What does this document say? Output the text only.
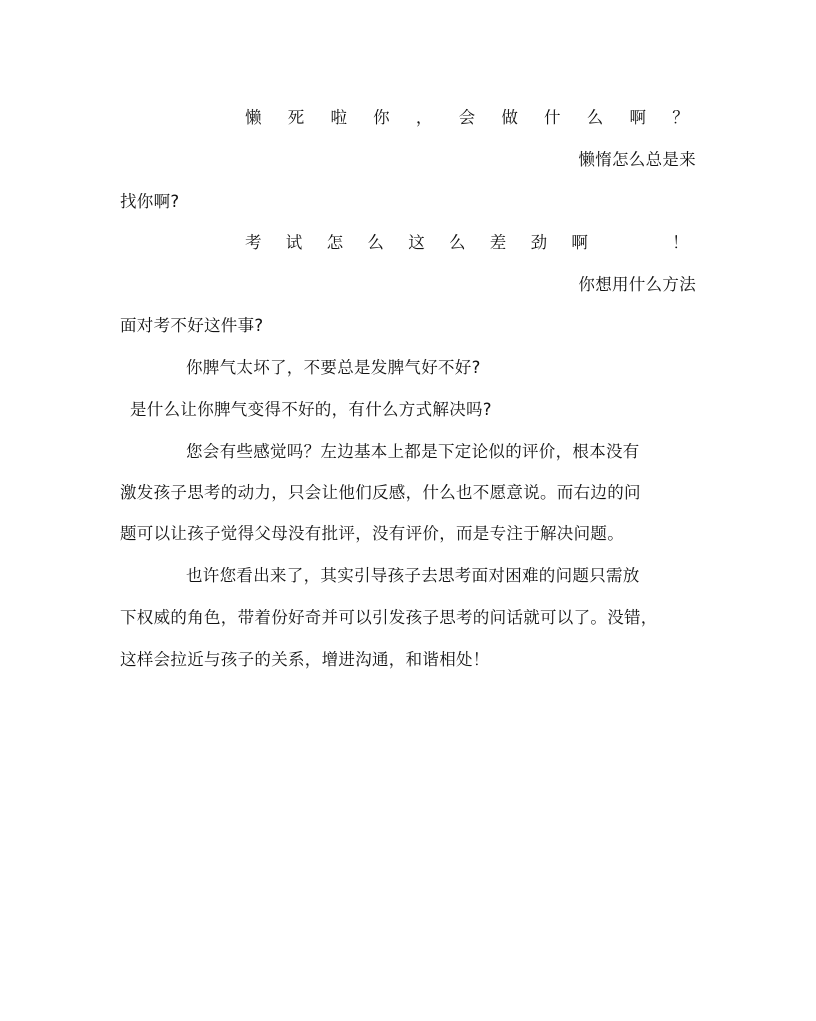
懒 死 啦 你 ， 会 做 什 么 啊 ？
懒惰怎么总是来
找你啊?
考 试 怎 么 这 么 差 劲 啊	！
你想用什么方法
面对考不好这件事?
你脾气太坏了，不要总是发脾气好不好?
是什么让你脾气变得不好的，有什么方式解决吗?
您会有些感觉吗？左边基本上都是下定论似的评价，根本没有
激发孩子思考的动力，只会让他们反感，什么也不愿意说。而右边的问
题可以让孩子觉得父母没有批评，没有评价，而是专注于解决问题。
也许您看出来了，其实引导孩子去思考面对困难的问题只需放
下权威的角色，带着份好奇并可以引发孩子思考的问话就可以了。没错，
这样会拉近与孩子的关系，增进沟通，和谐相处！
